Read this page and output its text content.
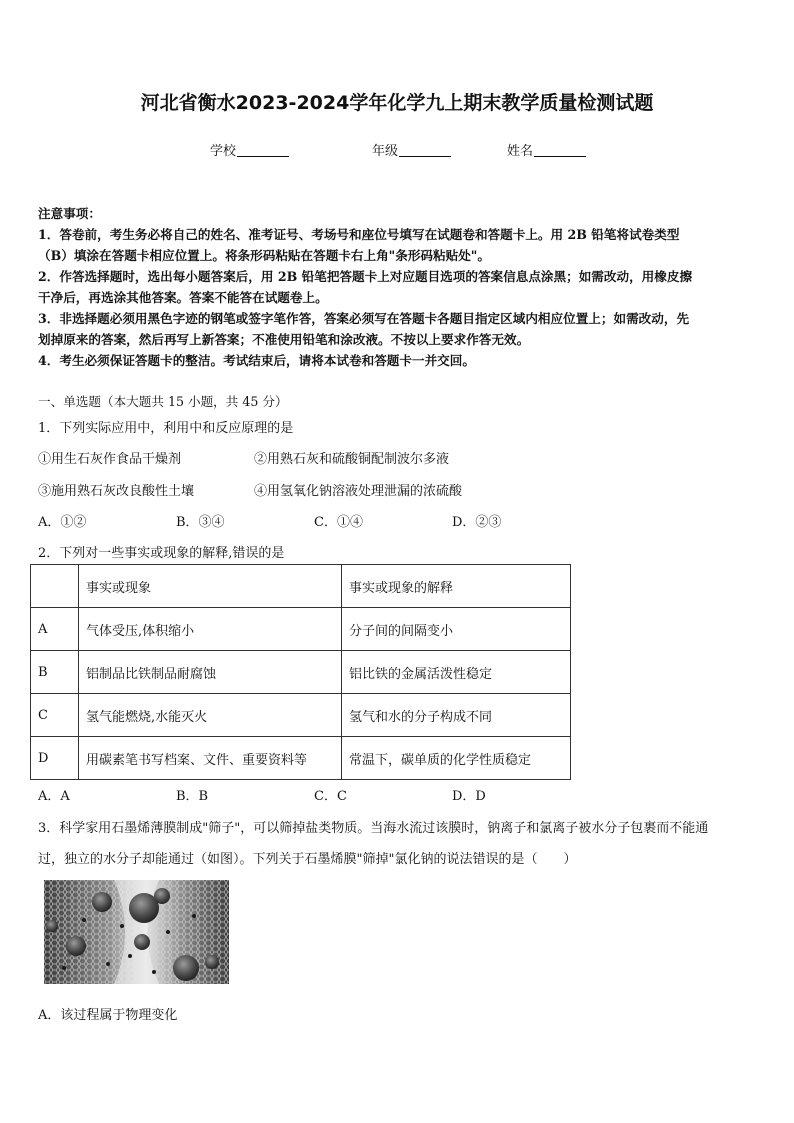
河北省衡水2023-2024学年化学九上期末教学质量检测试题
学校	年级	姓名
注意事项：
1．答卷前，考生务必将自己的姓名、准考证号、考场号和座位号填写在试题卷和答题卡上。用 2B 铅笔将试卷类型
（B）填涂在答题卡相应位置上。将条形码粘贴在答题卡右上角"条形码粘贴处"。
2．作答选择题时，选出每小题答案后，用 2B 铅笔把答题卡上对应题目选项的答案信息点涂黑；如需改动，用橡皮擦
干净后，再选涂其他答案。答案不能答在试题卷上。
3．非选择题必须用黑色字迹的钢笔或签字笔作答，答案必须写在答题卡各题目指定区域内相应位置上；如需改动，先
划掉原来的答案，然后再写上新答案；不准使用铅笔和涂改液。不按以上要求作答无效。
4．考生必须保证答题卡的整洁。考试结束后，请将本试卷和答题卡一并交回。
一、单选题（本大题共 15 小题，共 45 分）
1．下列实际应用中，利用中和反应原理的是
①用生石灰作食品干燥剂	②用熟石灰和硫酸铜配制波尔多液
③施用熟石灰改良酸性土壤	④用氢氧化钠溶液处理泄漏的浓硫酸
A．①②	B．③④	C．①④	D．②③
2．下列对一些事实或现象的解释,错误的是
	事实或现象	事实或现象的解释
A	气体受压,体积缩小	分子间的间隔变小
B	铝制品比铁制品耐腐蚀	铝比铁的金属活泼性稳定
C	氢气能燃烧,水能灭火	氢气和水的分子构成不同
D	用碳素笔书写档案、文件、重要资料等	常温下，碳单质的化学性质稳定
A．A	B．B	C．C	D．D
3．科学家用石墨烯薄膜制成"筛子"，可以筛掉盐类物质。当海水流过该膜时，钠离子和氯离子被水分子包裹而不能通
过，独立的水分子却能通过（如图）。下列关于石墨烯膜"筛掉"氯化钠的说法错误的是（　　）
A．该过程属于物理变化
